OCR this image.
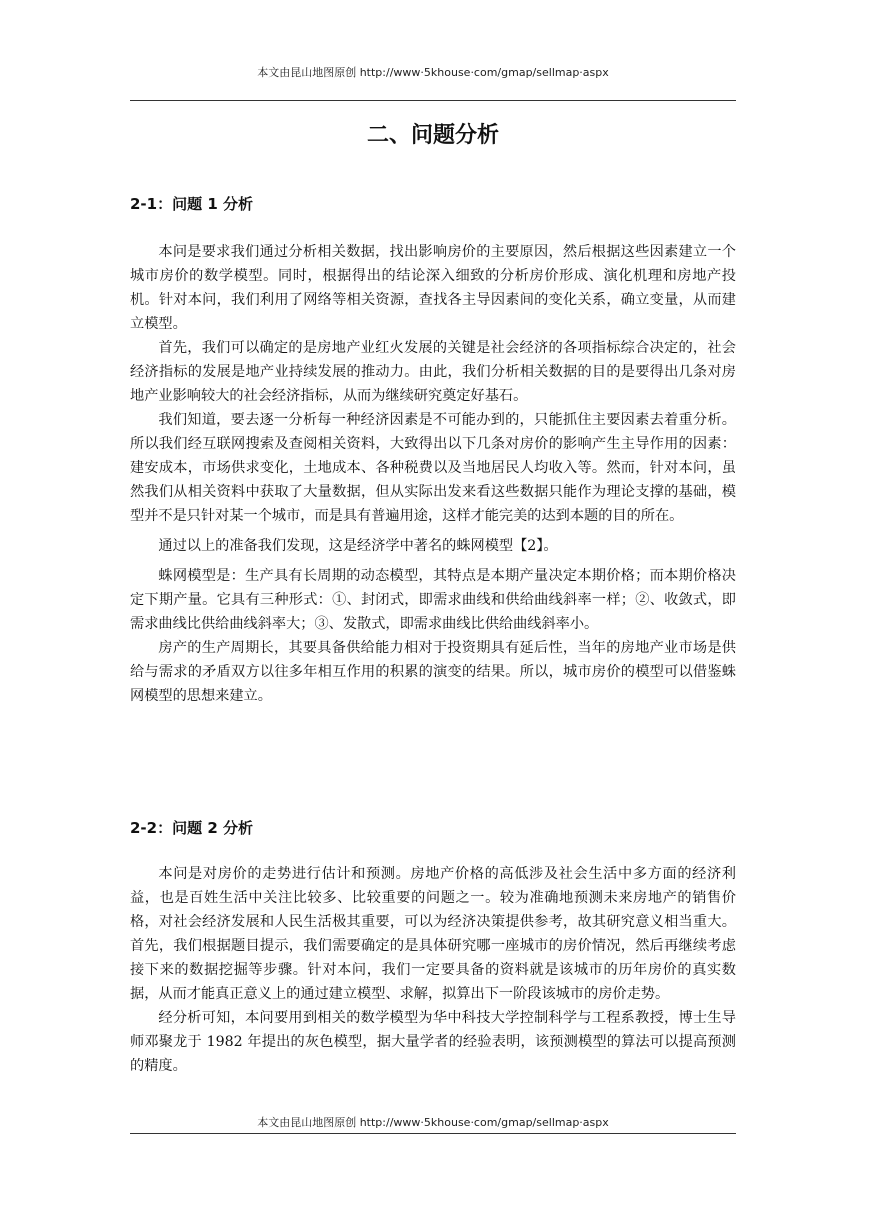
本文由昆山地图原创 http://www·5khouse·com/gmap/sellmap·aspx
二、问题分析
2-1：问题 1 分析

本问是要求我们通过分析相关数据，找出影响房价的主要原因，然后根据这些因素建立一个城市房价的数学模型。同时，根据得出的结论深入细致的分析房价形成、演化机理和房地产投机。针对本问，我们利用了网络等相关资源，查找各主导因素间的变化关系，确立变量，从而建立模型。

首先，我们可以确定的是房地产业红火发展的关键是社会经济的各项指标综合决定的，社会经济指标的发展是地产业持续发展的推动力。由此，我们分析相关数据的目的是要得出几条对房地产业影响较大的社会经济指标，从而为继续研究奠定好基石。

我们知道，要去逐一分析每一种经济因素是不可能办到的，只能抓住主要因素去着重分析。所以我们经互联网搜索及查阅相关资料，大致得出以下几条对房价的影响产生主导作用的因素：建安成本，市场供求变化，土地成本、各种税费以及当地居民人均收入等。然而，针对本问，虽然我们从相关资料中获取了大量数据，但从实际出发来看这些数据只能作为理论支撑的基础，模型并不是只针对某一个城市，而是具有普遍用途，这样才能完美的达到本题的目的所在。

通过以上的准备我们发现，这是经济学中著名的蛛网模型【2】。

蛛网模型是：生产具有长周期的动态模型，其特点是本期产量决定本期价格；而本期价格决定下期产量。它具有三种形式：①、封闭式，即需求曲线和供给曲线斜率一样；②、收敛式，即需求曲线比供给曲线斜率大；③、发散式，即需求曲线比供给曲线斜率小。

房产的生产周期长，其要具备供给能力相对于投资期具有延后性，当年的房地产业市场是供给与需求的矛盾双方以往多年相互作用的积累的演变的结果。所以，城市房价的模型可以借鉴蛛网模型的思想来建立。

2-2：问题 2 分析

本问是对房价的走势进行估计和预测。房地产价格的高低涉及社会生活中多方面的经济利益，也是百姓生活中关注比较多、比较重要的问题之一。较为准确地预测未来房地产的销售价格，对社会经济发展和人民生活极其重要，可以为经济决策提供参考，故其研究意义相当重大。首先，我们根据题目提示，我们需要确定的是具体研究哪一座城市的房价情况，然后再继续考虑接下来的数据挖掘等步骤。针对本问，我们一定要具备的资料就是该城市的历年房价的真实数据，从而才能真正意义上的通过建立模型、求解，拟算出下一阶段该城市的房价走势。

经分析可知，本问要用到相关的数学模型为华中科技大学控制科学与工程系教授，博士生导师邓聚龙于 1982 年提出的灰色模型，据大量学者的经验表明，该预测模型的算法可以提高预测的精度。

本文由昆山地图原创 http://www·5khouse·com/gmap/sellmap·aspx
